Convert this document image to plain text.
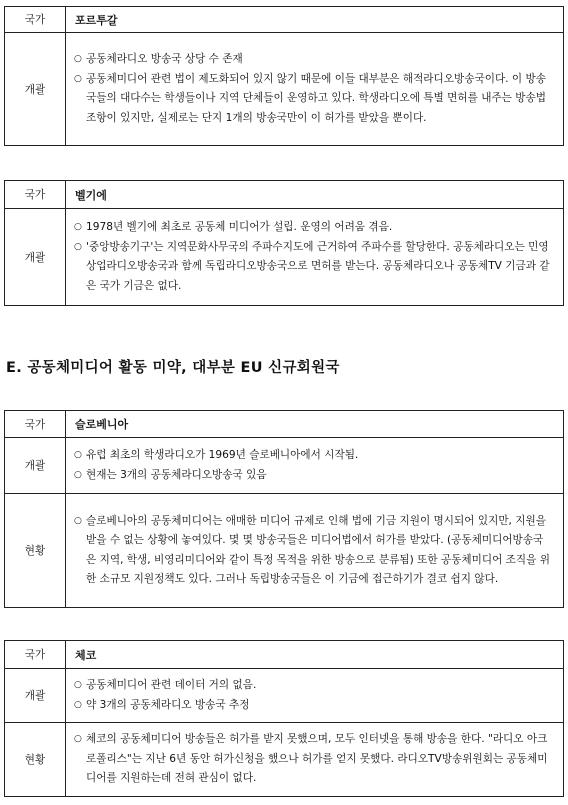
국가	포르투갈
개괄	○ 공동체라디오 방송국 상당 수 존재
○ 공동체미디어 관련 법이 제도화되어 있지 않기 때문에 이들 대부분은 해적라디오방송국이다. 이 방송국들의 대다수는 학생들이나 지역 단체들이 운영하고 있다. 학생라디오에 특별 면허를 내주는 방송법 조항이 있지만, 실제로는 단지 1개의 방송국만이 이 허가를 받았을 뿐이다.
국가	벨기에
개괄	○ 1978년 벨기에 최초로 공동체 미디어가 설립. 운영의 어려움 겪음.
○ '중앙방송기구'는 지역문화사무국의 주파수지도에 근거하여 주파수를 할당한다. 공동체라디오는 민영상업라디오방송국과 함께 독립라디오방송국으로 면허를 받는다. 공동체라디오나 공동체TV 기금과 같은 국가 기금은 없다.
E. 공동체미디어 활동 미약, 대부분 EU 신규회원국
국가	슬로베니아
개괄	○ 유럽 최초의 학생라디오가 1969년 슬로베니아에서 시작됨.
○ 현재는 3개의 공동체라디오방송국 있음

현황	○ 슬로베니아의 공동체미디어는 애매한 미디어 규제로 인해 법에 기금 지원이 명시되어 있지만, 지원을 받을 수 없는 상황에 놓여있다. 몇 몇 방송국들은 미디어법에서 허가를 받았다. (공동체미디어방송국은 지역, 학생, 비영리미디어와 같이 특정 목적을 위한 방송으로 분류됨) 또한 공동체미디어 조직을 위한 소규모 지원정책도 있다. 그러나 독립방송국들은 이 기금에 접근하기가 결코 쉽지 않다.
국가	체코
개괄	○ 공동체미디어 관련 데이터 거의 없음.
○ 약 3개의 공동체라디오 방송국 추정

현황	○ 체코의 공동체미디어 방송들은 허가를 받지 못했으며, 모두 인터넷을 통해 방송을 한다. "라디오 아크로폴리스"는 지난 6년 동안 허가신청을 했으나 허가를 얻지 못했다. 라디오TV방송위원회는 공동체미디어를 지원하는데 전혀 관심이 없다.
